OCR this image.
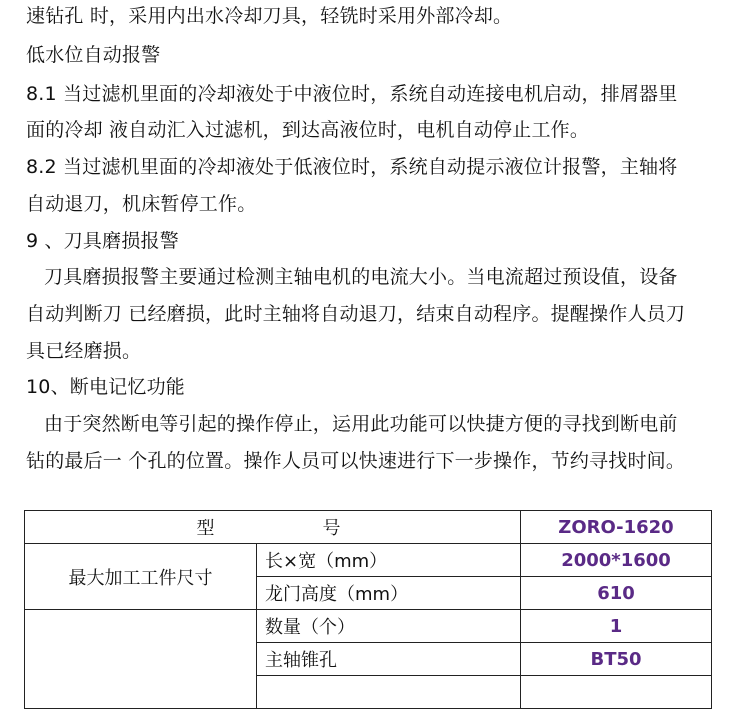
速钻孔 时，采用内出水冷却刀具，轻铣时采用外部冷却。
低水位自动报警
8.1 当过滤机里面的冷却液处于中液位时，系统自动连接电机启动，排屑器里
面的冷却 液自动汇入过滤机，到达高液位时，电机自动停止工作。
8.2 当过滤机里面的冷却液处于低液位时，系统自动提示液位计报警，主轴将
自动退刀，机床暂停工作。
9 、刀具磨损报警
刀具磨损报警主要通过检测主轴电机的电流大小。当电流超过预设值，设备
自动判断刀 已经磨损，此时主轴将自动退刀，结束自动程序。提醒操作人员刀
具已经磨损。
10、断电记忆功能
由于突然断电等引起的操作停止，运用此功能可以快捷方便的寻找到断电前
钻的最后一 个孔的位置。操作人员可以快速进行下一步操作，节约寻找时间。
型号		ZORO-1620
最大加工工件尺寸	长×宽（mm）	2000*1600
	龙门高度（mm）	610
	数量（个）	1
	主轴锥孔	BT50
